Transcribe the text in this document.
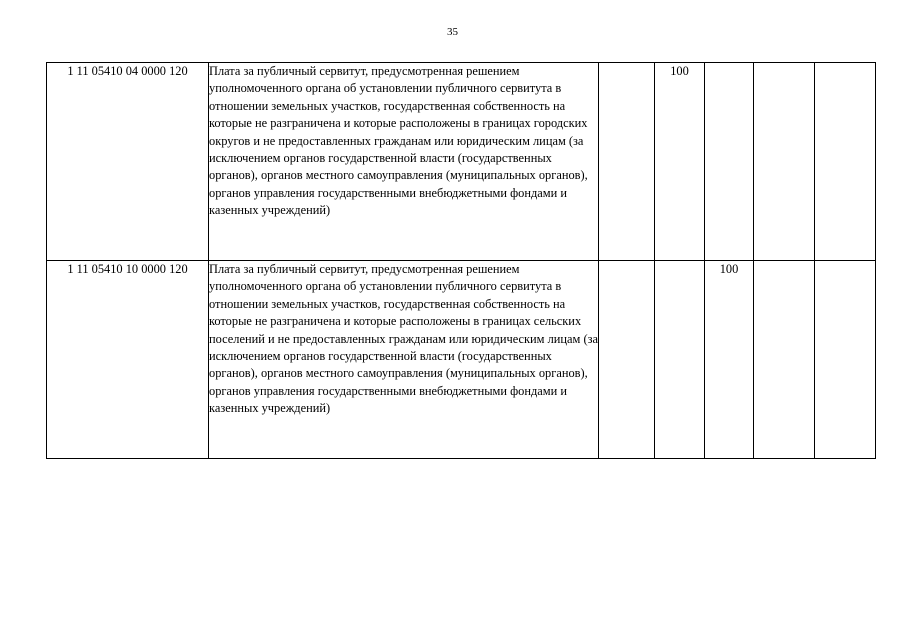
35
1 11 05410 04 0000 120	Плата за публичный сервитут, предусмотренная решением уполномоченного органа об установлении публичного сервитута в отношении земельных участков, государственная собственность на которые не разграничена и которые расположены в границах городских округов и не предоставленных гражданам или юридическим лицам (за исключением органов государственной власти (государственных органов), органов местного самоуправления (муниципальных органов), органов управления государственными внебюджетными фондами и казенных учреждений)		100			
1 11 05410 10 0000 120	Плата за публичный сервитут, предусмотренная решением уполномоченного органа об установлении публичного сервитута в отношении земельных участков, государственная собственность на которые не разграничена и которые расположены в границах сельских поселений и не предоставленных гражданам или юридическим лицам (за исключением органов государственной власти (государственных органов), органов местного самоуправления (муниципальных органов), органов управления государственными внебюджетными фондами и казенных учреждений)			100		
